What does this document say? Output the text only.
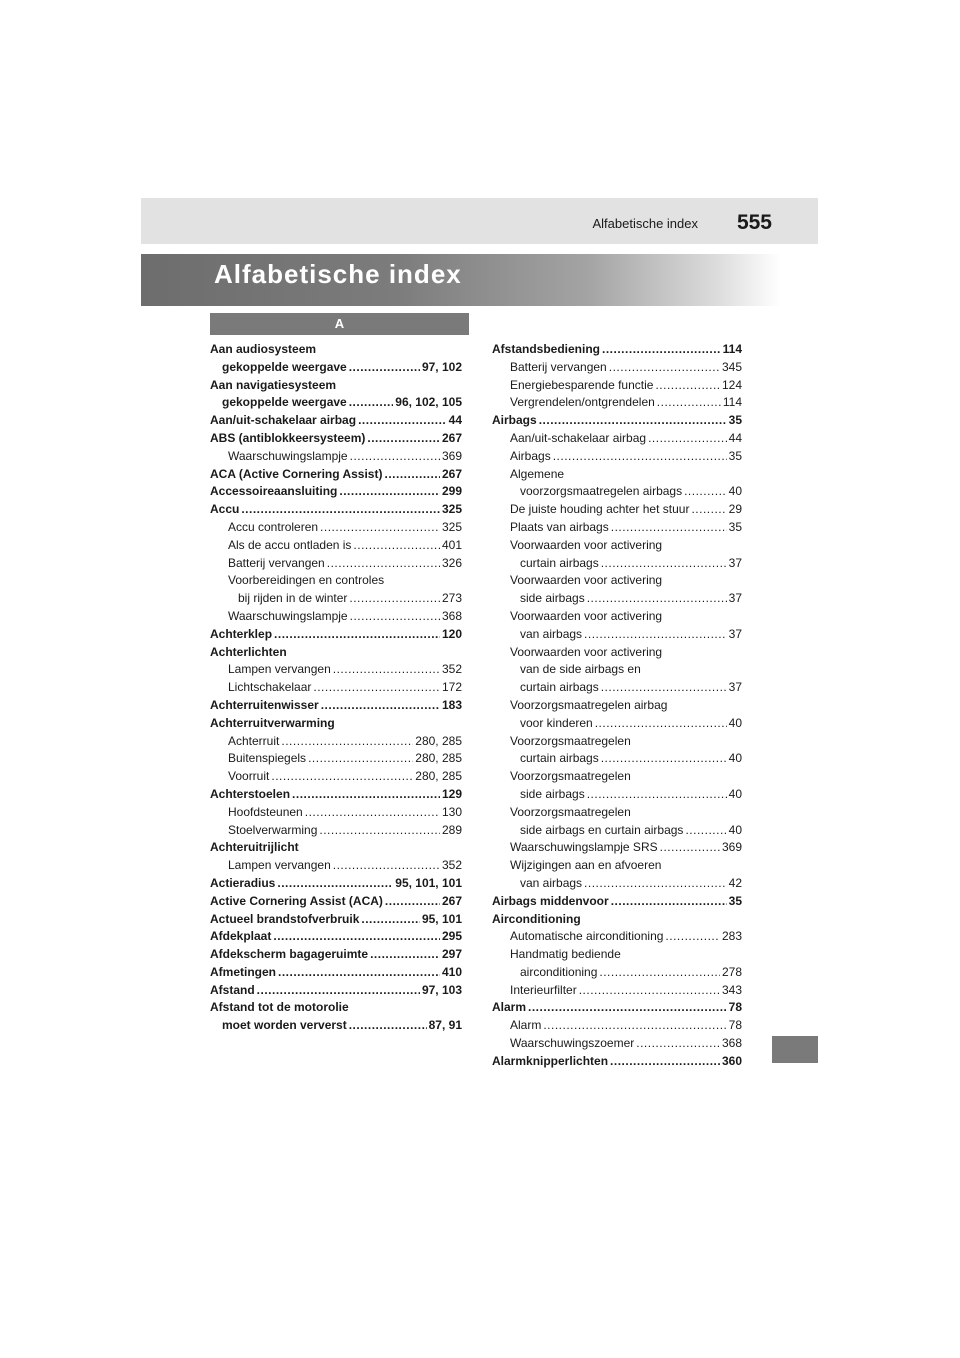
Alfabetische index 555
Alfabetische index
A
Aan audiosysteem
gekoppelde weergave .....	97, 102
Aan navigatiesysteem
gekoppelde weergave .....	96, 102, 105
Aan/uit-schakelaar airbag .....	44
ABS (antiblokkeersysteem) .....	267
Waarschuwingslampje .....	369
ACA (Active Cornering Assist) .....	267
Accessoireaansluiting .....	299
Accu .....	325
Accu controleren .....	325
Als de accu ontladen is .....	401
Batterij vervangen .....	326
Voorbereidingen en controles
bij rijden in de winter .....	273
Waarschuwingslampje .....	368
Achterklep .....	120
Achterlichten
Lampen vervangen .....	352
Lichtschakelaar .....	172
Achterruitenwisser .....	183
Achterruitverwarming
Achterruit .....	280, 285
Buitenspiegels .....	280, 285
Voorruit .....	280, 285
Achterstoelen .....	129
Hoofdsteunen .....	130
Stoelverwarming .....	289
Achteruitrijlicht
Lampen vervangen .....	352
Actieradius .....	95, 101, 101
Active Cornering Assist (ACA) .....	267
Actueel brandstofverbruik .....	95, 101
Afdekplaat .....	295
Afdekscherm bagageruimte .....	297
Afmetingen .....	410
Afstand .....	97, 103
Afstand tot de motorolie
moet worden ververst .....	87, 91
Afstandsbediening .....	114
Batterij vervangen .....	345
Energiebesparende functie .....	124
Vergrendelen/ontgrendelen .....	114
Airbags .....	35
Aan/uit-schakelaar airbag .....	44
Airbags .....	35
Algemene
voorzorgsmaatregelen airbags .....	40
De juiste houding achter het stuur .....	29
Plaats van airbags .....	35
Voorwaarden voor activering
curtain airbags .....	37
Voorwaarden voor activering
side airbags .....	37
Voorwaarden voor activering
van airbags .....	37
Voorwaarden voor activering
van de side airbags en
curtain airbags .....	37
Voorzorgsmaatregelen airbag
voor kinderen .....	40
Voorzorgsmaatregelen
curtain airbags .....	40
Voorzorgsmaatregelen
side airbags .....	40
Voorzorgsmaatregelen
side airbags en curtain airbags .....	40
Waarschuwingslampje SRS .....	369
Wijzigingen aan en afvoeren
van airbags .....	42
Airbags middenvoor .....	35
Airconditioning
Automatische airconditioning .....	283
Handmatig bediende
airconditioning .....	278
Interieurfilter .....	343
Alarm .....	78
Alarm .....	78
Waarschuwingszoemer .....	368
Alarmknipperlichten .....	360
